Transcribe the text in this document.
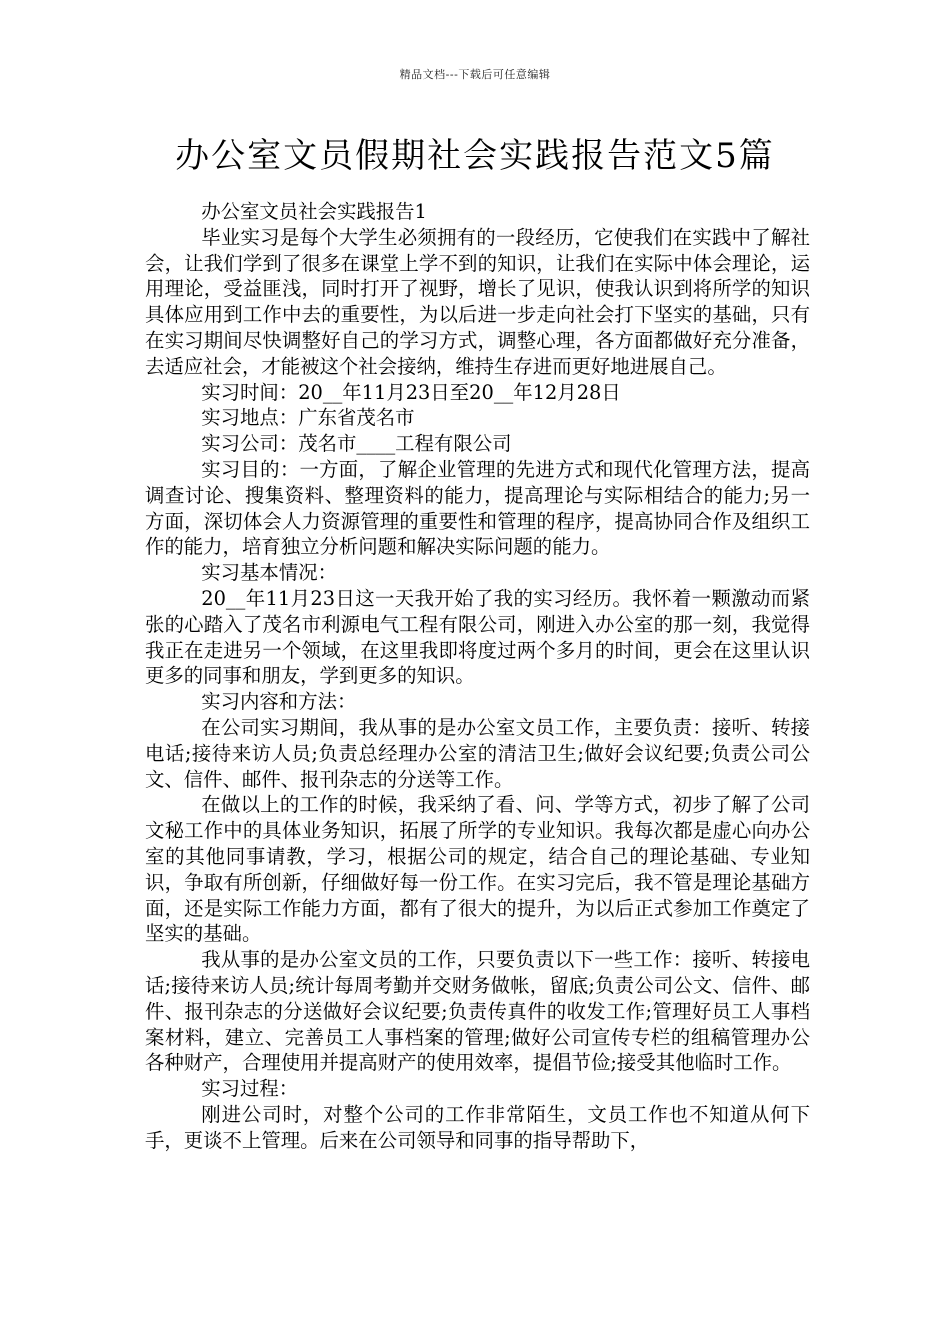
精品文档---下载后可任意编辑
办公室文员假期社会实践报告范文5篇

办公室文员社会实践报告1

毕业实习是每个大学生必须拥有的一段经历，它使我们在实践中了解社会，让我们学到了很多在课堂上学不到的知识，让我们在实际中体会理论，运用理论，受益匪浅，同时打开了视野，增长了见识，使我认识到将所学的知识具体应用到工作中去的重要性，为以后进一步走向社会打下坚实的基础，只有在实习期间尽快调整好自己的学习方式，调整心理，各方面都做好充分准备，去适应社会，才能被这个社会接纳，维持生存进而更好地进展自己。

实习时间：20__年11月23日至20__年12月28日

实习地点：广东省茂名市

实习公司：茂名市____工程有限公司

实习目的：一方面，了解企业管理的先进方式和现代化管理方法，提高调查讨论、搜集资料、整理资料的能力，提高理论与实际相结合的能力;另一方面，深切体会人力资源管理的重要性和管理的程序，提高协同合作及组织工作的能力，培育独立分析问题和解决实际问题的能力。

实习基本情况：

20__年11月23日这一天我开始了我的实习经历。我怀着一颗激动而紧张的心踏入了茂名市利源电气工程有限公司，刚进入办公室的那一刻，我觉得我正在走进另一个领域，在这里我即将度过两个多月的时间，更会在这里认识更多的同事和朋友，学到更多的知识。

实习内容和方法：

在公司实习期间，我从事的是办公室文员工作，主要负责：接听、转接电话;接待来访人员;负责总经理办公室的清洁卫生;做好会议纪要;负责公司公文、信件、邮件、报刊杂志的分送等工作。

在做以上的工作的时候，我采纳了看、问、学等方式，初步了解了公司文秘工作中的具体业务知识，拓展了所学的专业知识。我每次都是虚心向办公室的其他同事请教，学习，根据公司的规定，结合自己的理论基础、专业知识，争取有所创新，仔细做好每一份工作。在实习完后，我不管是理论基础方面，还是实际工作能力方面，都有了很大的提升，为以后正式参加工作奠定了坚实的基础。

我从事的是办公室文员的工作，只要负责以下一些工作：接听、转接电话;接待来访人员;统计每周考勤并交财务做帐，留底;负责公司公文、信件、邮件、报刊杂志的分送做好会议纪要;负责传真件的收发工作;管理好员工人事档案材料，建立、完善员工人事档案的管理;做好公司宣传专栏的组稿管理办公各种财产，合理使用并提高财产的使用效率，提倡节俭;接受其他临时工作。

实习过程：

刚进公司时，对整个公司的工作非常陌生，文员工作也不知道从何下手，更谈不上管理。后来在公司领导和同事的指导帮助下，
